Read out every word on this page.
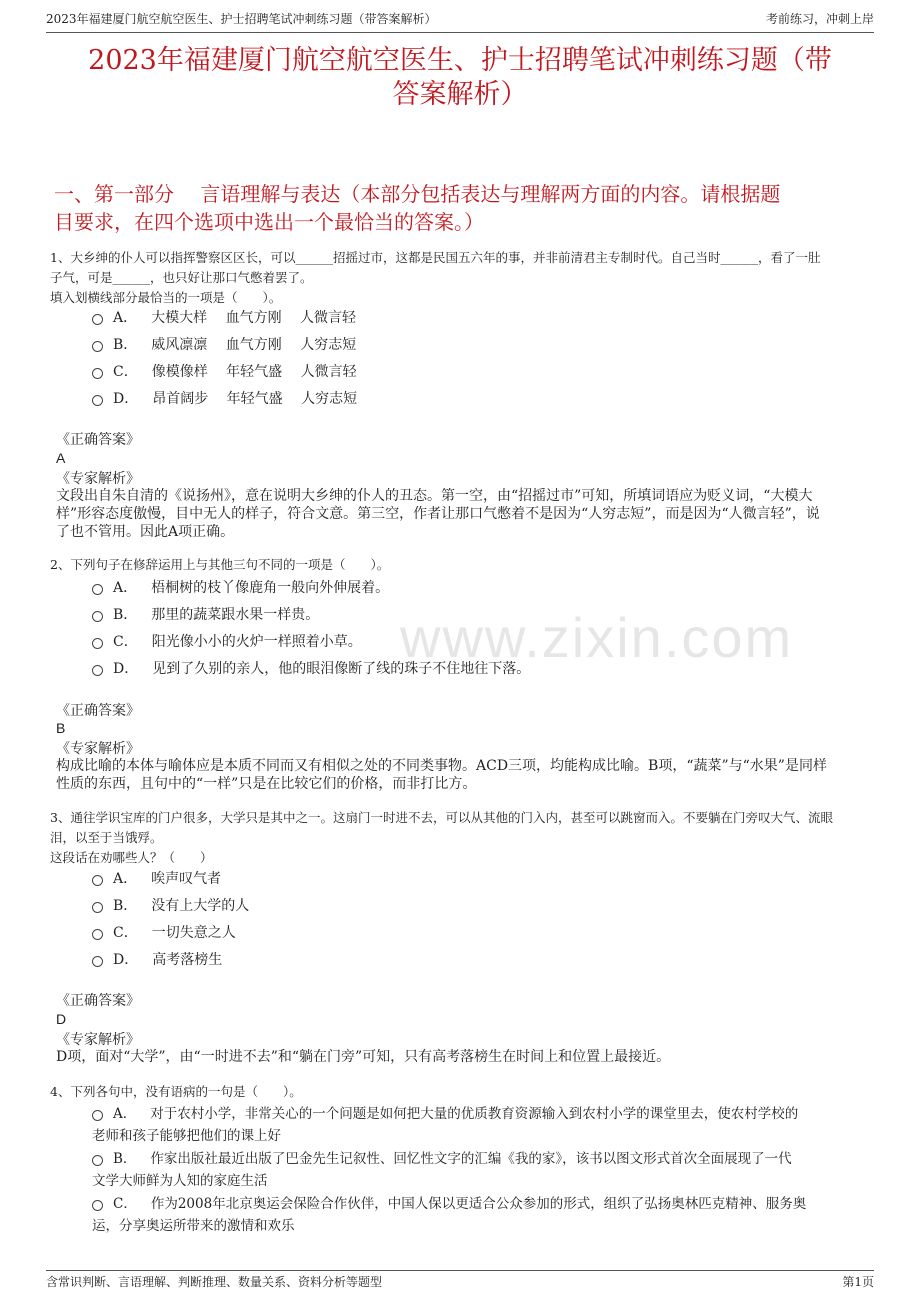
2023年福建厦门航空航空医生、护士招聘笔试冲刺练习题（带答案解析）	考前练习，冲刺上岸
2023年福建厦门航空航空医生、护士招聘笔试冲刺练习题（带
答案解析）
一、第一部分　 言语理解与表达（本部分包括表达与理解两方面的内容。请根据题
目要求，在四个选项中选出一个最恰当的答案。）
www.zixin.com
1、大乡绅的仆人可以指挥警察区区长，可以______招摇过市，这都是民国五六年的事，并非前清君主专制时代。自己当时______，看了一肚
子气，可是______，也只好让那口气憋着罢了。
填入划横线部分最恰当的一项是（　　）。
A． 大模大样　 血气方刚　 人微言轻
B． 威风凛凛　 血气方刚　 人穷志短
C． 像模像样　 年轻气盛　 人微言轻
D． 昂首阔步　 年轻气盛　 人穷志短
《正确答案》
A
《专家解析》
文段出自朱自清的《说扬州》，意在说明大乡绅的仆人的丑态。第一空，由“招摇过市”可知，所填词语应为贬义词，“大模大
样”形容态度傲慢，目中无人的样子，符合文意。第三空，作者让那口气憋着不是因为“人穷志短”，而是因为“人微言轻”，说
了也不管用。因此A项正确。
2、下列句子在修辞运用上与其他三句不同的一项是（　　）。
A． 梧桐树的枝丫像鹿角一般向外伸展着。
B． 那里的蔬菜跟水果一样贵。
C． 阳光像小小的火炉一样照着小草。
D． 见到了久别的亲人，他的眼泪像断了线的珠子不住地往下落。
《正确答案》
B
《专家解析》
构成比喻的本体与喻体应是本质不同而又有相似之处的不同类事物。ACD三项，均能构成比喻。B项，“蔬菜”与“水果”是同样
性质的东西，且句中的“一样”只是在比较它们的价格，而非打比方。
3、通往学识宝库的门户很多，大学只是其中之一。这扇门一时进不去，可以从其他的门入内，甚至可以跳窗而入。不要躺在门旁叹大气、流眼
泪，以至于当饿殍。
这段话在劝哪些人？（　　）
A． 唉声叹气者
B． 没有上大学的人
C． 一切失意之人
D． 高考落榜生
《正确答案》
D
《专家解析》
D项，面对“大学”，由“一时进不去”和“躺在门旁”可知，只有高考落榜生在时间上和位置上最接近。
4、下列各句中，没有语病的一句是（　　）。
A． 对于农村小学，非常关心的一个问题是如何把大量的优质教育资源输入到农村小学的课堂里去，使农村学校的
老师和孩子能够把他们的课上好
B． 作家出版社最近出版了巴金先生记叙性、回忆性文字的汇编《我的家》，该书以图文形式首次全面展现了一代
文学大师鲜为人知的家庭生活
C． 作为2008年北京奥运会保险合作伙伴，中国人保以更适合公众参加的形式，组织了弘扬奥林匹克精神、服务奥
运，分享奥运所带来的激情和欢乐
含常识判断、言语理解、判断推理、数量关系、资料分析等题型	第1页
